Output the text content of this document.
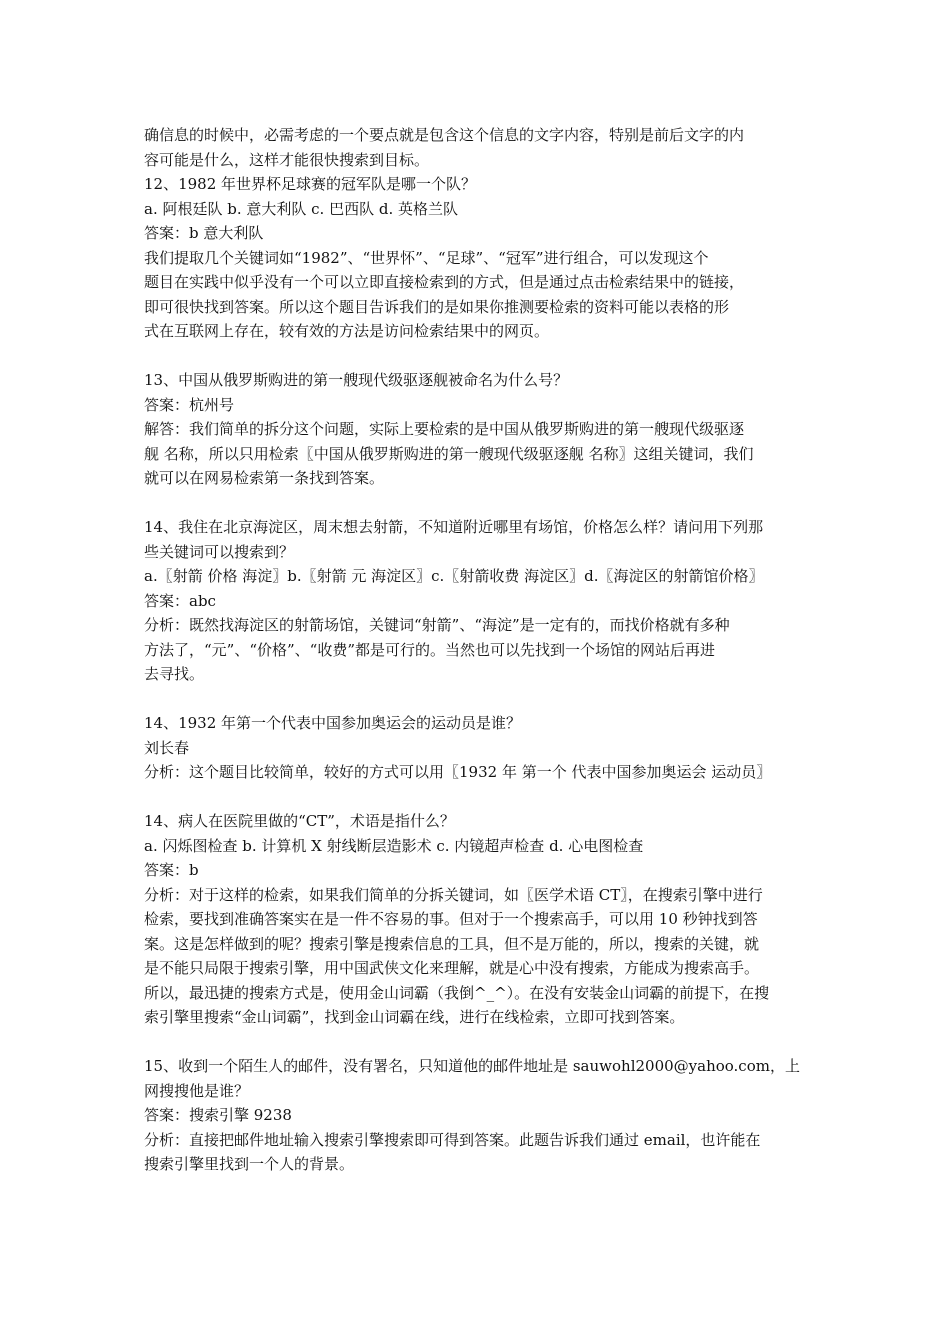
确信息的时候中，必需考虑的一个要点就是包含这个信息的文字内容，特别是前后文字的内
容可能是什么，这样才能很快搜索到目标。
12、1982 年世界杯足球赛的冠军队是哪一个队？
a. 阿根廷队 b. 意大利队 c. 巴西队 d. 英格兰队
答案：b 意大利队
我们提取几个关键词如“1982”、“世界怀”、“足球”、“冠军”进行组合，可以发现这个
题目在实践中似乎没有一个可以立即直接检索到的方式，但是通过点击检索结果中的链接，
即可很快找到答案。所以这个题目告诉我们的是如果你推测要检索的资料可能以表格的形
式在互联网上存在，较有效的方法是访问检索结果中的网页。
13、中国从俄罗斯购进的第一艘现代级驱逐舰被命名为什么号？
答案：杭州号
解答：我们简单的拆分这个问题，实际上要检索的是中国从俄罗斯购进的第一艘现代级驱逐
舰 名称，所以只用检索〖中国从俄罗斯购进的第一艘现代级驱逐舰 名称〗这组关键词，我们
就可以在网易检索第一条找到答案。
14、我住在北京海淀区，周末想去射箭，不知道附近哪里有场馆，价格怎么样？请问用下列那
些关键词可以搜索到？
a.〖射箭 价格 海淀〗b.〖射箭 元 海淀区〗c.〖射箭收费 海淀区〗d.〖海淀区的射箭馆价格〗
答案：abc
分析：既然找海淀区的射箭场馆，关键词“射箭”、“海淀”是一定有的，而找价格就有多种
方法了，“元”、“价格”、“收费”都是可行的。当然也可以先找到一个场馆的网站后再进
去寻找。
14、1932 年第一个代表中国参加奥运会的运动员是谁？
刘长春
分析：这个题目比较简单，较好的方式可以用〖1932 年 第一个 代表中国参加奥运会 运动员〗
14、病人在医院里做的“CT”，术语是指什么？
a. 闪烁图检查 b. 计算机 X 射线断层造影术 c. 内镜超声检查 d. 心电图检查
答案：b
分析：对于这样的检索，如果我们简单的分拆关键词，如〖医学术语 CT〗，在搜索引擎中进行
检索，要找到准确答案实在是一件不容易的事。但对于一个搜索高手，可以用 10 秒钟找到答
案。这是怎样做到的呢？搜索引擎是搜索信息的工具，但不是万能的，所以，搜索的关键，就
是不能只局限于搜索引擎，用中国武侠文化来理解，就是心中没有搜索，方能成为搜索高手。
所以，最迅捷的搜索方式是，使用金山词霸（我倒^_^）。在没有安装金山词霸的前提下，在搜
索引擎里搜索“金山词霸”，找到金山词霸在线，进行在线检索，立即可找到答案。
15、收到一个陌生人的邮件，没有署名，只知道他的邮件地址是 sauwohl2000@yahoo.com，上
网搜搜他是谁？
答案：搜索引擎 9238
分析：直接把邮件地址输入搜索引擎搜索即可得到答案。此题告诉我们通过 email，也许能在
搜索引擎里找到一个人的背景。
